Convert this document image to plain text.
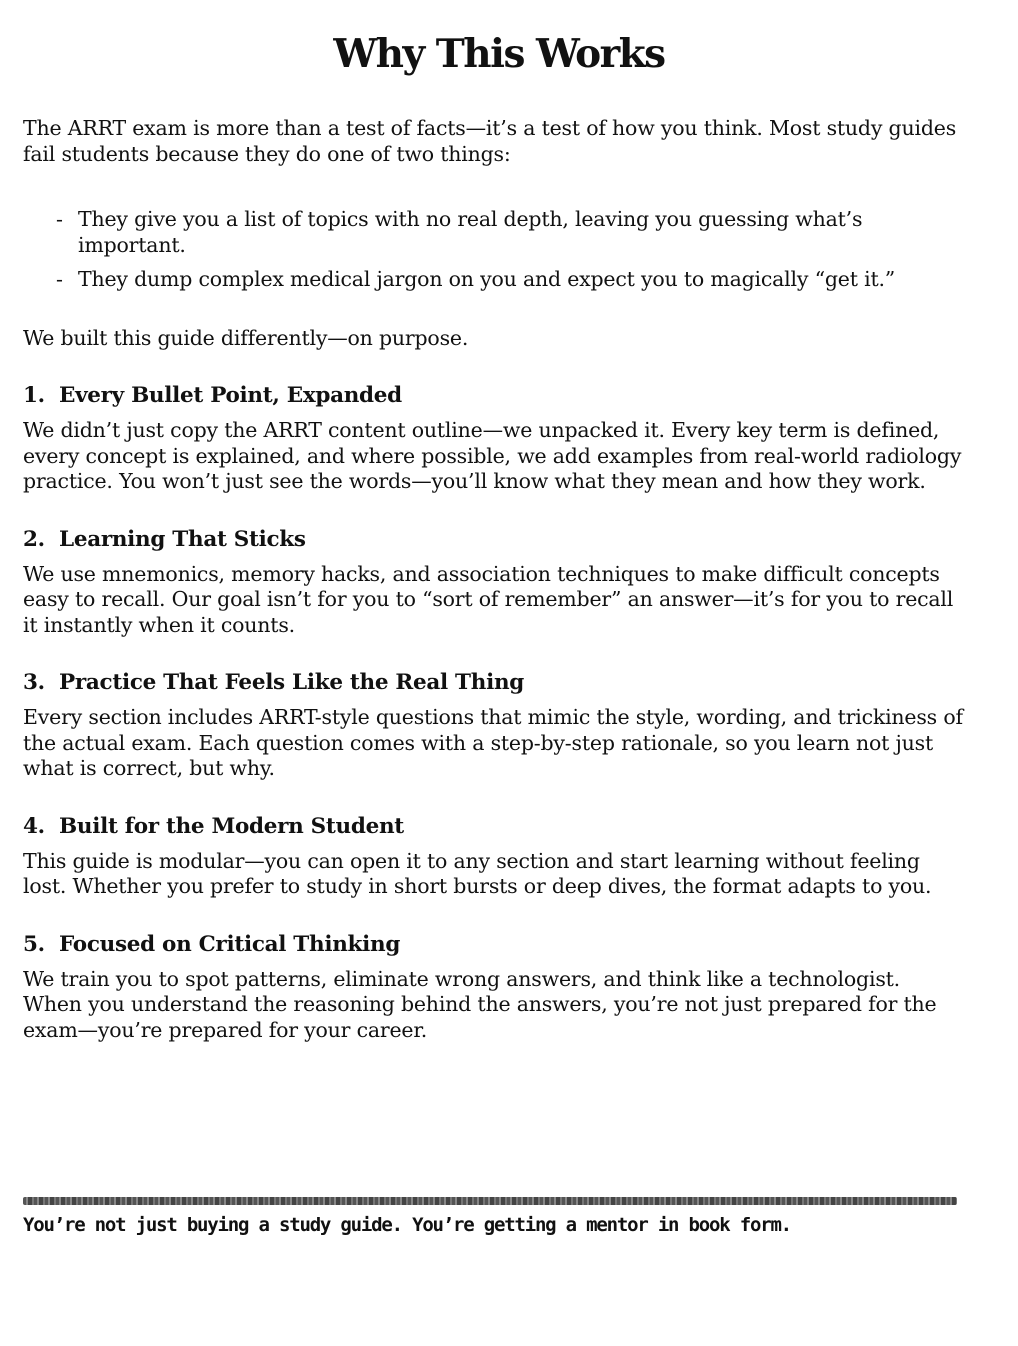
Why This Works

The ARRT exam is more than a test of facts—it’s a test of how you think. Most study guides fail students because they do one of two things:

- They give you a list of topics with no real depth, leaving you guessing what’s important.
- They dump complex medical jargon on you and expect you to magically “get it.”

We built this guide differently—on purpose.

1. Every Bullet Point, Expanded

We didn’t just copy the ARRT content outline—we unpacked it. Every key term is defined, every concept is explained, and where possible, we add examples from real-world radiology practice. You won’t just see the words—you’ll know what they mean and how they work.

2. Learning That Sticks

We use mnemonics, memory hacks, and association techniques to make difficult concepts easy to recall. Our goal isn’t for you to “sort of remember” an answer—it’s for you to recall it instantly when it counts.

3. Practice That Feels Like the Real Thing

Every section includes ARRT-style questions that mimic the style, wording, and trickiness of the actual exam. Each question comes with a step-by-step rationale, so you learn not just what is correct, but why.

4. Built for the Modern Student

This guide is modular—you can open it to any section and start learning without feeling lost. Whether you prefer to study in short bursts or deep dives, the format adapts to you.

5. Focused on Critical Thinking

We train you to spot patterns, eliminate wrong answers, and think like a technologist. When you understand the reasoning behind the answers, you’re not just prepared for the exam—you’re prepared for your career.

You’re not just buying a study guide. You’re getting a mentor in book form.
